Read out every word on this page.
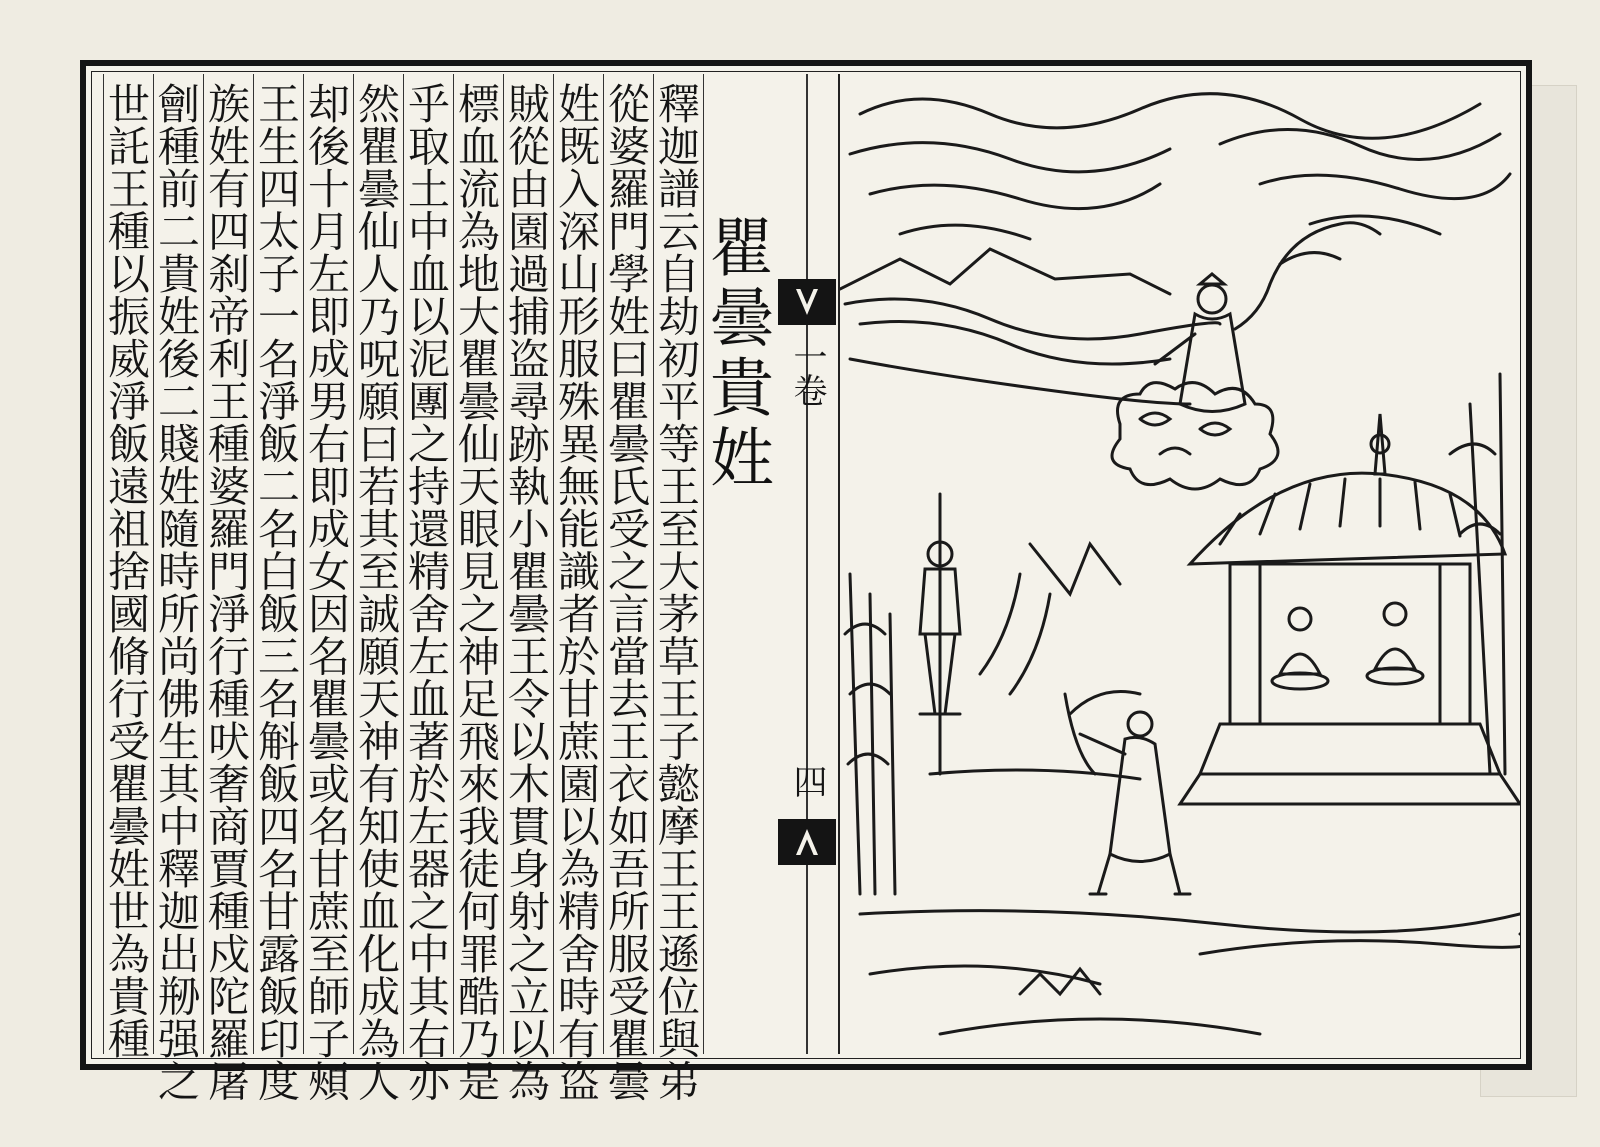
瞿曇貴姓
釋迦譜云自劫初平等王至大茅草王子懿摩王王遜位與弟
從婆羅門學姓曰瞿曇氏受之言當去王衣如吾所服受瞿曇
姓既入深山形服殊異無能識者於甘蔗園以為精舍時有盗
賊從由園過捕盗尋跡執小瞿曇王令以木貫身射之立以為
標血流為地大瞿曇仙天眼見之神足飛來我徒何罪酷乃是
乎取土中血以泥團之持還精舍左血著於左器之中其右亦
然瞿曇仙人乃呪願曰若其至誠願天神有知使血化成為人
却後十月左即成男右即成女因名瞿曇或名甘蔗至師子頰
王生四太子一名淨飯二名白飯三名斛飯四名甘露飯印度
族姓有四刹帝利王種婆羅門淨行種吠奢商賈種戍陀羅屠
劊種前二貴姓後二賤姓隨時所尚佛生其中釋迦出剙强之
世託王種以振威淨飯遠祖捨國脩行受瞿曇姓世為貴種	一卷
四
